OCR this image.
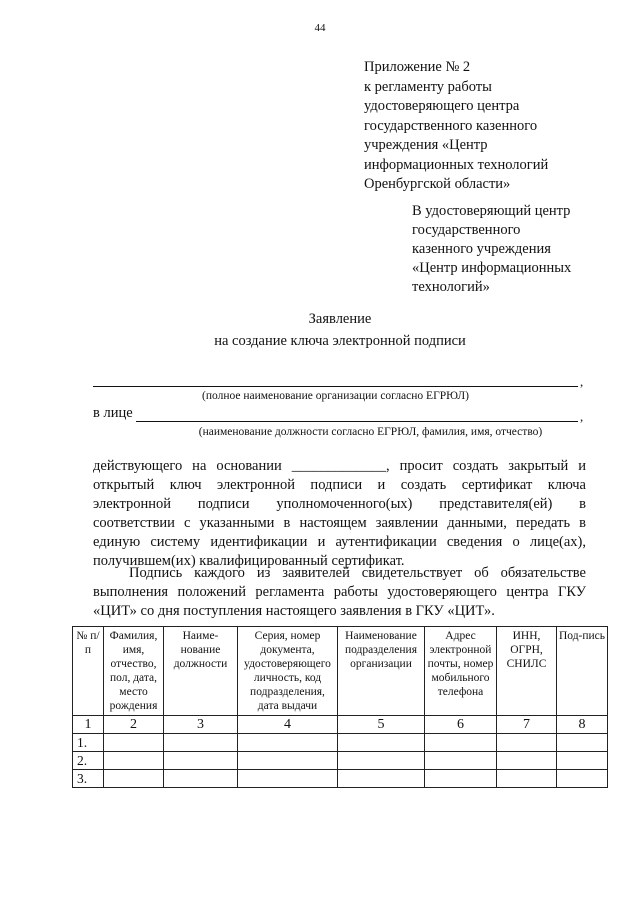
44
Приложение № 2
к регламенту работы
удостоверяющего центра
государственного казенного
учреждения «Центр
информационных технологий
Оренбургской области»
В удостоверяющий центр
государственного
казенного учреждения
«Центр информационных
технологий»
Заявление
на создание ключа электронной подписи
,
(полное наименование организации согласно ЕГРЮЛ)
в лице	,
(наименование должности согласно ЕГРЮЛ, фамилия, имя, отчество)
действующего на основании _____________, просит создать закрытый и
открытый ключ электронной подписи и создать сертификат ключа
электронной подписи уполномоченного(ых) представителя(ей) в
соответствии с указанными в настоящем заявлении данными, передать в
единую систему идентификации и аутентификации сведения о лице(ах),
получившем(их) квалифицированный сертификат.
Подпись каждого из заявителей свидетельствует об обязательстве
выполнения положений регламента работы удостоверяющего центра ГКУ
«ЦИТ» со дня поступления настоящего заявления в ГКУ «ЦИТ».
№ п/п	Фамилия, имя, отчество, пол, дата, место рождения	Наиме-нование должности	Серия, номер документа, удостоверяющего личность, код подразделения, дата выдачи	Наименование подразделения организации	Адрес электронной почты, номер мобильного телефона	ИНН, ОГРН, СНИЛС	Под-пись
1	2	3	4	5	6	7	8
1.							
2.							
3.							
